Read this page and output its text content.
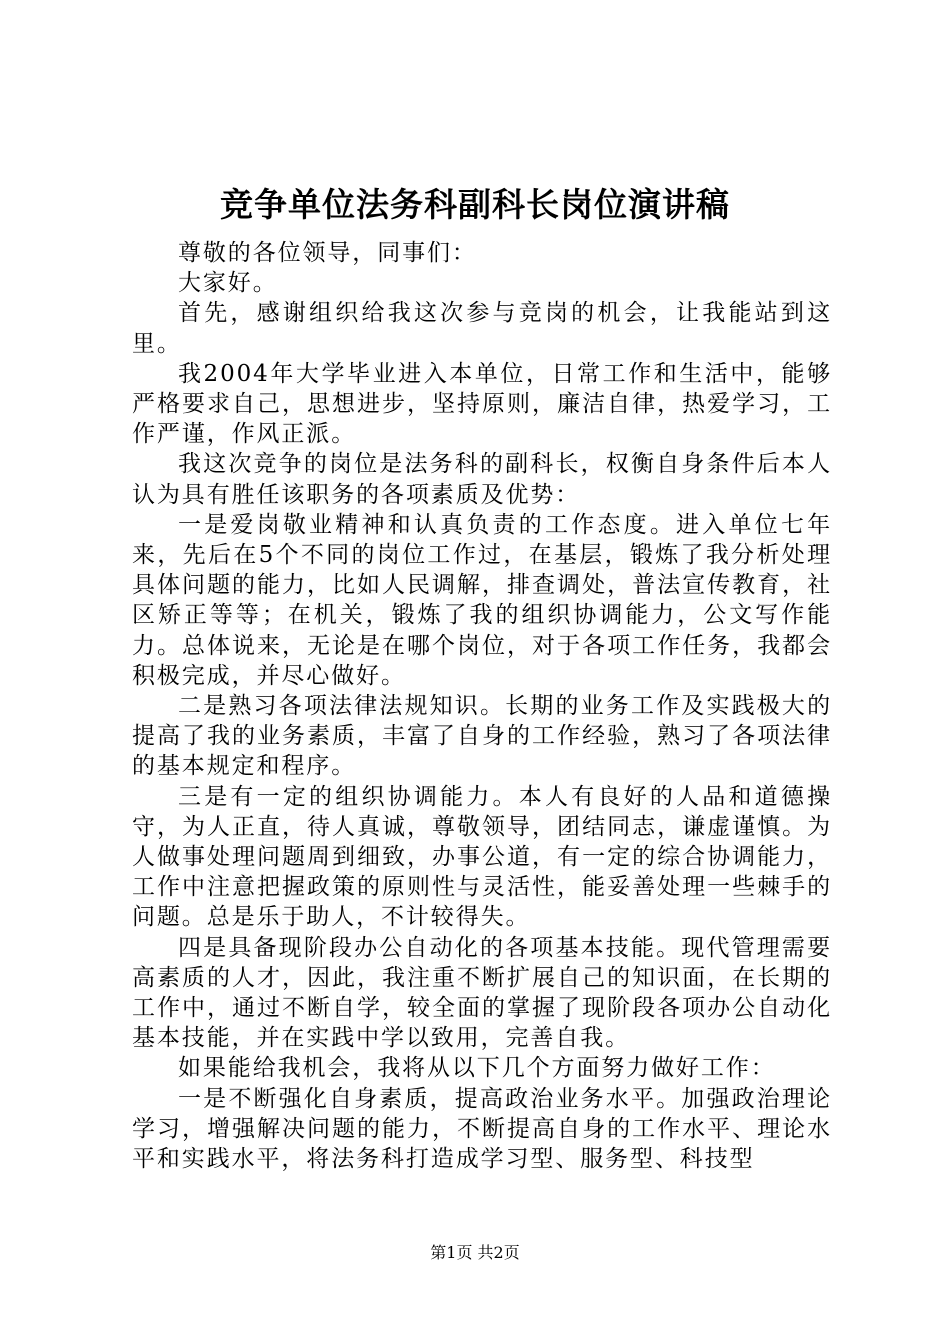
竞争单位法务科副科长岗位演讲稿

尊敬的各位领导，同事们：

大家好。

首先，感谢组织给我这次参与竞岗的机会，让我能站到这里。

我2004年大学毕业进入本单位，日常工作和生活中，能够严格要求自己，思想进步，坚持原则，廉洁自律，热爱学习，工作严谨，作风正派。

我这次竞争的岗位是法务科的副科长，权衡自身条件后本人认为具有胜任该职务的各项素质及优势：

一是爱岗敬业精神和认真负责的工作态度。进入单位七年来，先后在5个不同的岗位工作过，在基层，锻炼了我分析处理具体问题的能力，比如人民调解，排查调处，普法宣传教育，社区矫正等等；在机关，锻炼了我的组织协调能力，公文写作能力。总体说来，无论是在哪个岗位，对于各项工作任务，我都会积极完成，并尽心做好。

二是熟习各项法律法规知识。长期的业务工作及实践极大的提高了我的业务素质，丰富了自身的工作经验，熟习了各项法律的基本规定和程序。

三是有一定的组织协调能力。本人有良好的人品和道德操守，为人正直，待人真诚，尊敬领导，团结同志，谦虚谨慎。为人做事处理问题周到细致，办事公道，有一定的综合协调能力，工作中注意把握政策的原则性与灵活性，能妥善处理一些棘手的问题。总是乐于助人，不计较得失。

四是具备现阶段办公自动化的各项基本技能。现代管理需要高素质的人才，因此，我注重不断扩展自己的知识面，在长期的工作中，通过不断自学，较全面的掌握了现阶段各项办公自动化基本技能，并在实践中学以致用，完善自我。

如果能给我机会，我将从以下几个方面努力做好工作：

一是不断强化自身素质，提高政治业务水平。加强政治理论学习，增强解决问题的能力，不断提高自身的工作水平、理论水平和实践水平，将法务科打造成学习型、服务型、科技型

第1页 共2页
